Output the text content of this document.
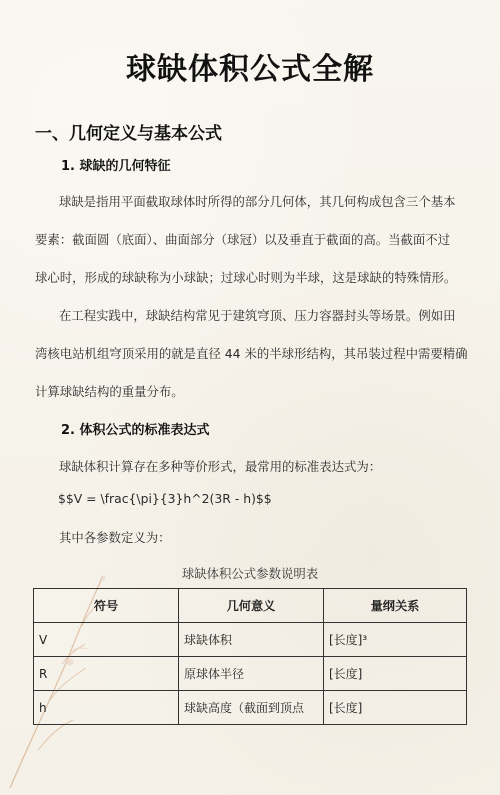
球缺体积公式全解
一、几何定义与基本公式
1. 球缺的几何特征
球缺是指用平面截取球体时所得的部分几何体，其几何构成包含三个基本
要素：截面圆（底面）、曲面部分（球冠）以及垂直于截面的高。当截面不过
球心时，形成的球缺称为小球缺；过球心时则为半球，这是球缺的特殊情形。
在工程实践中，球缺结构常见于建筑穹顶、压力容器封头等场景。例如田
湾核电站机组穹顶采用的就是直径 44 米的半球形结构，其吊装过程中需要精确
计算球缺结构的重量分布。
2. 体积公式的标准表达式
球缺体积计算存在多种等价形式，最常用的标准表达式为：
$$V = \frac{\pi}{3}h^2(3R - h)$$
其中各参数定义为：
球缺体积公式参数说明表
符号	几何意义	量纲关系
V	球缺体积	[长度]³
R	原球体半径	[长度]
h	球缺高度（截面到顶点	[长度]
